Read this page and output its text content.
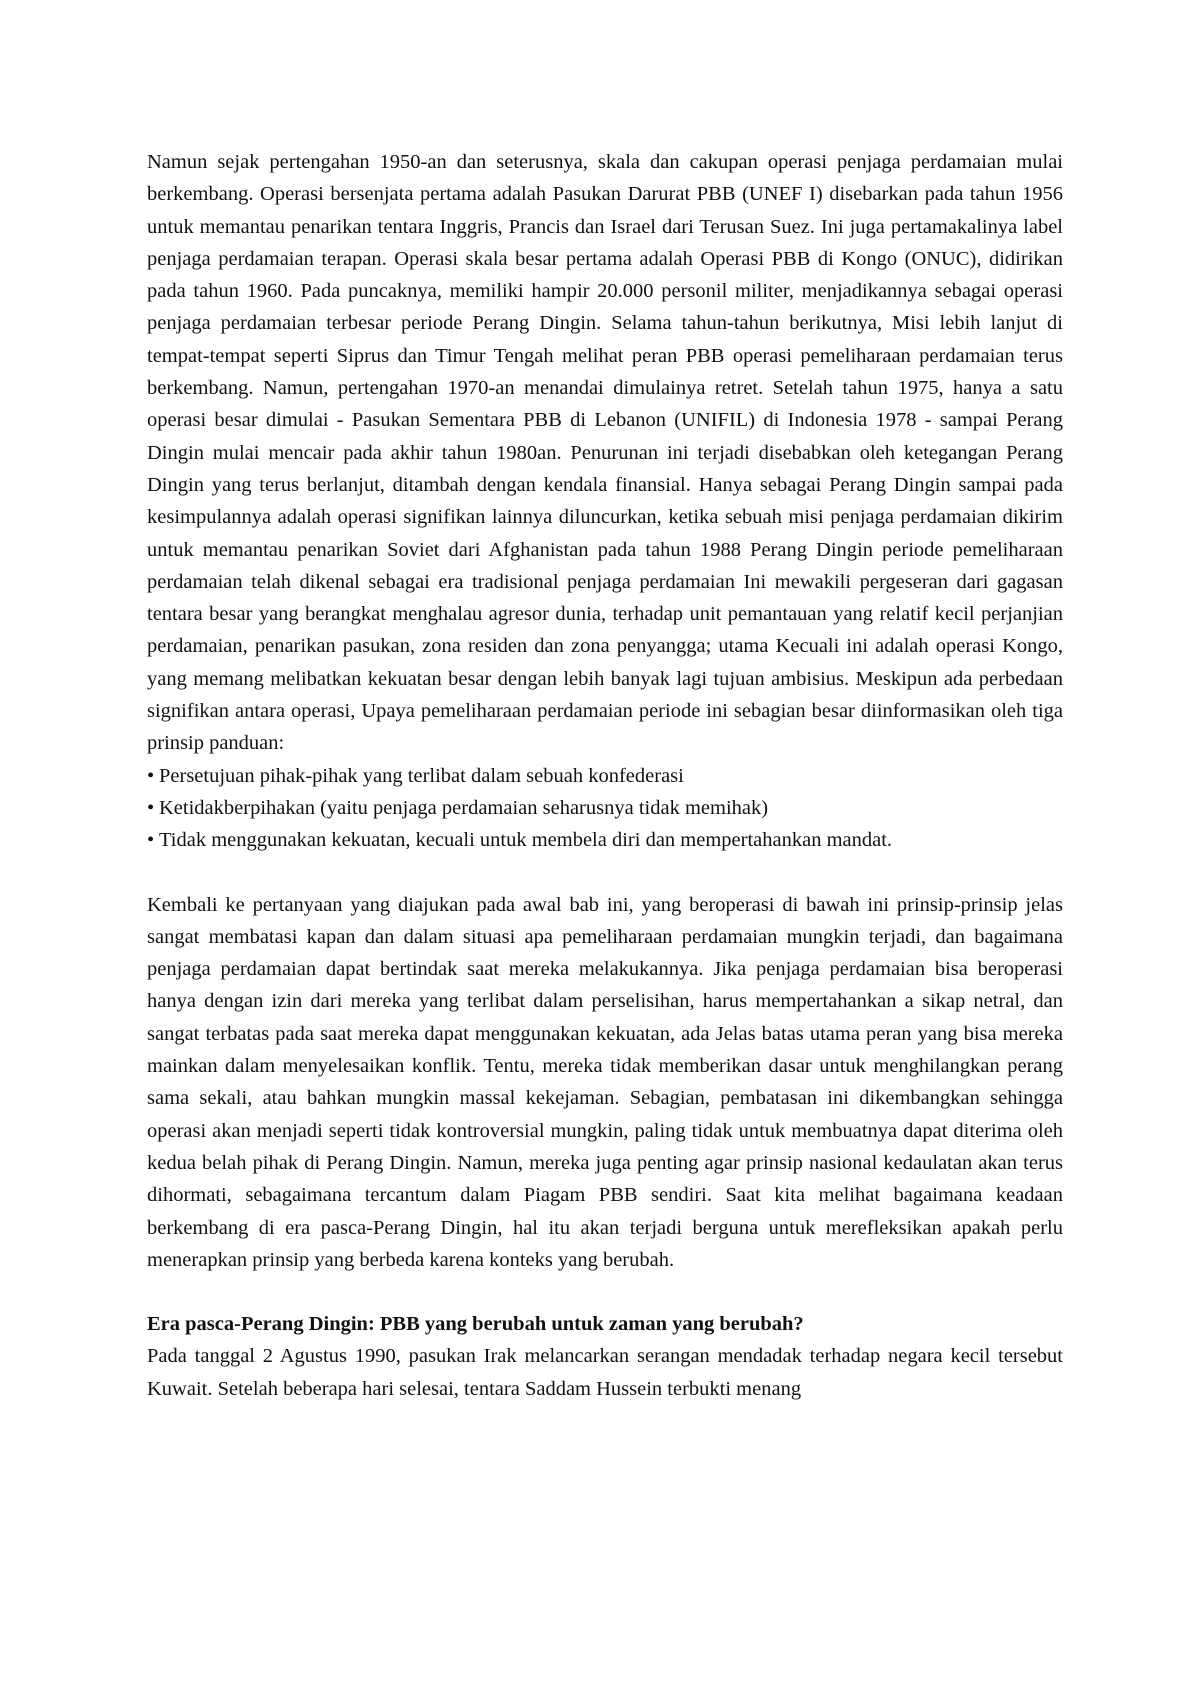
Namun sejak pertengahan 1950-an dan seterusnya, skala dan cakupan operasi penjaga perdamaian mulai berkembang. Operasi bersenjata pertama adalah Pasukan Darurat PBB (UNEF I) disebarkan pada tahun 1956 untuk memantau penarikan tentara Inggris, Prancis dan Israel dari Terusan Suez. Ini juga pertamakalinya label penjaga perdamaian terapan. Operasi skala besar pertama adalah Operasi PBB di Kongo (ONUC), didirikan pada tahun 1960. Pada puncaknya, memiliki hampir 20.000 personil militer, menjadikannya sebagai operasi penjaga perdamaian terbesar periode Perang Dingin. Selama tahun-tahun berikutnya, Misi lebih lanjut di tempat-tempat seperti Siprus dan Timur Tengah melihat peran PBB operasi pemeliharaan perdamaian terus berkembang. Namun, pertengahan 1970-an menandai dimulainya retret. Setelah tahun 1975, hanya a satu operasi besar dimulai - Pasukan Sementara PBB di Lebanon (UNIFIL) di Indonesia 1978 - sampai Perang Dingin mulai mencair pada akhir tahun 1980an. Penurunan ini terjadi disebabkan oleh ketegangan Perang Dingin yang terus berlanjut, ditambah dengan kendala finansial. Hanya sebagai Perang Dingin sampai pada kesimpulannya adalah operasi signifikan lainnya diluncurkan, ketika sebuah misi penjaga perdamaian dikirim untuk memantau penarikan Soviet dari Afghanistan pada tahun 1988 Perang Dingin periode pemeliharaan perdamaian telah dikenal sebagai era tradisional penjaga perdamaian Ini mewakili pergeseran dari gagasan tentara besar yang berangkat menghalau agresor dunia, terhadap unit pemantauan yang relatif kecil perjanjian perdamaian, penarikan pasukan, zona residen dan zona penyangga; utama Kecuali ini adalah operasi Kongo, yang memang melibatkan kekuatan besar dengan lebih banyak lagi tujuan ambisius. Meskipun ada perbedaan signifikan antara operasi, Upaya pemeliharaan perdamaian periode ini sebagian besar diinformasikan oleh tiga prinsip panduan:

• Persetujuan pihak-pihak yang terlibat dalam sebuah konfederasi
• Ketidakberpihakan (yaitu penjaga perdamaian seharusnya tidak memihak)
• Tidak menggunakan kekuatan, kecuali untuk membela diri dan mempertahankan mandat.

Kembali ke pertanyaan yang diajukan pada awal bab ini, yang beroperasi di bawah ini prinsip-prinsip jelas sangat membatasi kapan dan dalam situasi apa pemeliharaan perdamaian mungkin terjadi, dan bagaimana penjaga perdamaian dapat bertindak saat mereka melakukannya. Jika penjaga perdamaian bisa beroperasi hanya dengan izin dari mereka yang terlibat dalam perselisihan, harus mempertahankan a sikap netral, dan sangat terbatas pada saat mereka dapat menggunakan kekuatan, ada Jelas batas utama peran yang bisa mereka mainkan dalam menyelesaikan konflik. Tentu, mereka tidak memberikan dasar untuk menghilangkan perang sama sekali, atau bahkan mungkin massal kekejaman. Sebagian, pembatasan ini dikembangkan sehingga operasi akan menjadi seperti tidak kontroversial mungkin, paling tidak untuk membuatnya dapat diterima oleh kedua belah pihak di Perang Dingin. Namun, mereka juga penting agar prinsip nasional kedaulatan akan terus dihormati, sebagaimana tercantum dalam Piagam PBB sendiri. Saat kita melihat bagaimana keadaan berkembang di era pasca-Perang Dingin, hal itu akan terjadi berguna untuk merefleksikan apakah perlu menerapkan prinsip yang berbeda karena konteks yang berubah.

Era pasca-Perang Dingin: PBB yang berubah untuk zaman yang berubah?

Pada tanggal 2 Agustus 1990, pasukan Irak melancarkan serangan mendadak terhadap negara kecil tersebut Kuwait. Setelah beberapa hari selesai, tentara Saddam Hussein terbukti menang
